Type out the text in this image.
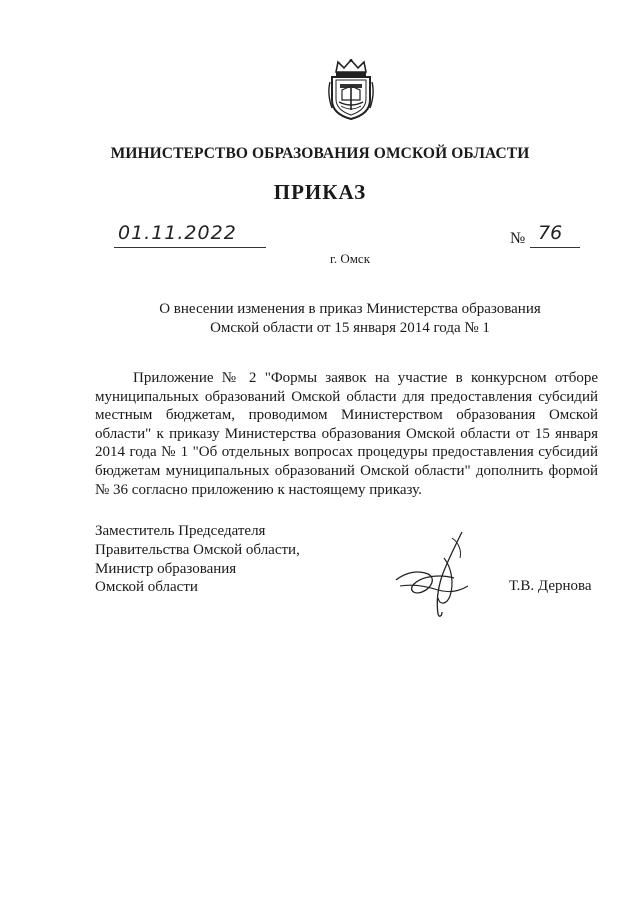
МИНИСТЕРСТВО ОБРАЗОВАНИЯ ОМСКОЙ ОБЛАСТИ
ПРИКАЗ
01.11.2022	№ 76
г. Омск
О внесении изменения в приказ Министерства образования
Омской области от 15 января 2014 года № 1
Приложение № 2 "Формы заявок на участие в конкурсном отборе муниципальных образований Омской области для предоставления субсидий местным бюджетам, проводимом Министерством образования Омской области" к приказу Министерства образования Омской области от 15 января 2014 года № 1 "Об отдельных вопросах процедуры предоставления субсидий бюджетам муниципальных образований Омской области" дополнить формой № 36 согласно приложению к настоящему приказу.
Заместитель Председателя
Правительства Омской области,
Министр образования
Омской области	Т.В. Дернова
